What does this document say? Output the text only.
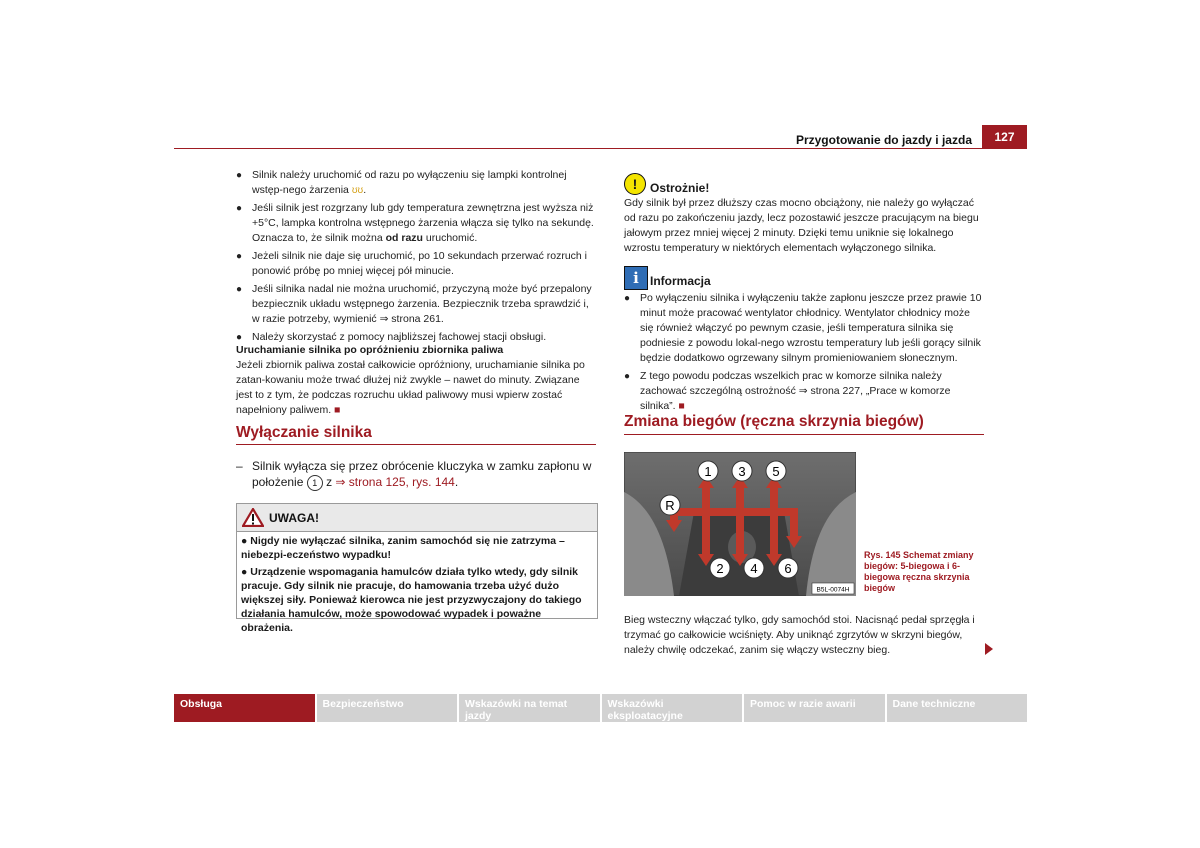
Przygotowanie do jazdy i jazda	127
● Silnik należy uruchomić od razu po wyłączeniu się lampki kontrolnej wstęp-nego żarzenia ʊʊ.
● Jeśli silnik jest rozgrzany lub gdy temperatura zewnętrzna jest wyższa niż +5°C, lampka kontrolna wstępnego żarzenia włącza się tylko na sekundę. Oznacza to, że silnik można od razu uruchomić.
● Jeżeli silnik nie daje się uruchomić, po 10 sekundach przerwać rozruch i ponowić próbę po mniej więcej pół minucie.
● Jeśli silnika nadal nie można uruchomić, przyczyną może być przepalony bezpiecznik układu wstępnego żarzenia. Bezpiecznik trzeba sprawdzić i, w razie potrzeby, wymienić ⇒ strona 261.
● Należy skorzystać z pomocy najbliższej fachowej stacji obsługi.
Uruchamianie silnika po opróżnieniu zbiornika paliwa
Jeżeli zbiornik paliwa został całkowicie opróżniony, uruchamianie silnika po zatan-kowaniu może trwać dłużej niż zwykle – nawet do minuty. Związane jest to z tym, że podczas rozruchu układ paliwowy musi wpierw zostać napełniony paliwem. ■
Wyłączanie silnika
– Silnik wyłącza się przez obrócenie kluczyka w zamku zapłonu w położenie 1 z ⇒ strona 125, rys. 144.
UWAGA!
● Nigdy nie wyłączać silnika, zanim samochód się nie zatrzyma – niebezpi-eczeństwo wypadku!
● Urządzenie wspomagania hamulców działa tylko wtedy, gdy silnik pracuje. Gdy silnik nie pracuje, do hamowania trzeba użyć dużo większej siły. Ponieważ kierowca nie jest przyzwyczajony do takiego działania hamulców, może spowodować wypadek i poważne obrażenia.
!	Ostrożnie!
Gdy silnik był przez dłuższy czas mocno obciążony, nie należy go wyłączać od razu po zakończeniu jazdy, lecz pozostawić jeszcze pracującym na biegu jałowym przez mniej więcej 2 minuty. Dzięki temu uniknie się lokalnego wzrostu temperatury w niektórych elementach wyłączonego silnika.
i Informacja
● Po wyłączeniu silnika i wyłączeniu także zapłonu jeszcze przez prawie 10 minut może pracować wentylator chłodnicy. Wentylator chłodnicy może się również włączyć po pewnym czasie, jeśli temperatura silnika się podniesie z powodu lokal-nego wzrostu temperatury lub jeśli gorący silnik będzie dodatkowo ogrzewany silnym promieniowaniem słonecznym.
● Z tego powodu podczas wszelkich prac w komorze silnika należy zachować szczególną ostrożność ⇒ strona 227, „Prace w komorze silnika”. ■
Zmiana biegów (ręczna skrzynia biegów)
1 3 5
R
2 4 6
B5L-0074H
Rys. 145 Schemat zmiany biegów: 5-biegowa i 6-biegowa ręczna skrzynia biegów
Bieg wsteczny włączać tylko, gdy samochód stoi. Nacisnąć pedał sprzęgła i trzymać go całkowicie wciśnięty. Aby uniknąć zgrzytów w skrzyni biegów, należy chwilę odczekać, zanim się włączy wsteczny bieg.
Obsługa	Bezpieczeństwo	Wskazówki na temat jazdy
Wskazówki eksploatacyjne
Pomoc w razie awarii	Dane techniczne
